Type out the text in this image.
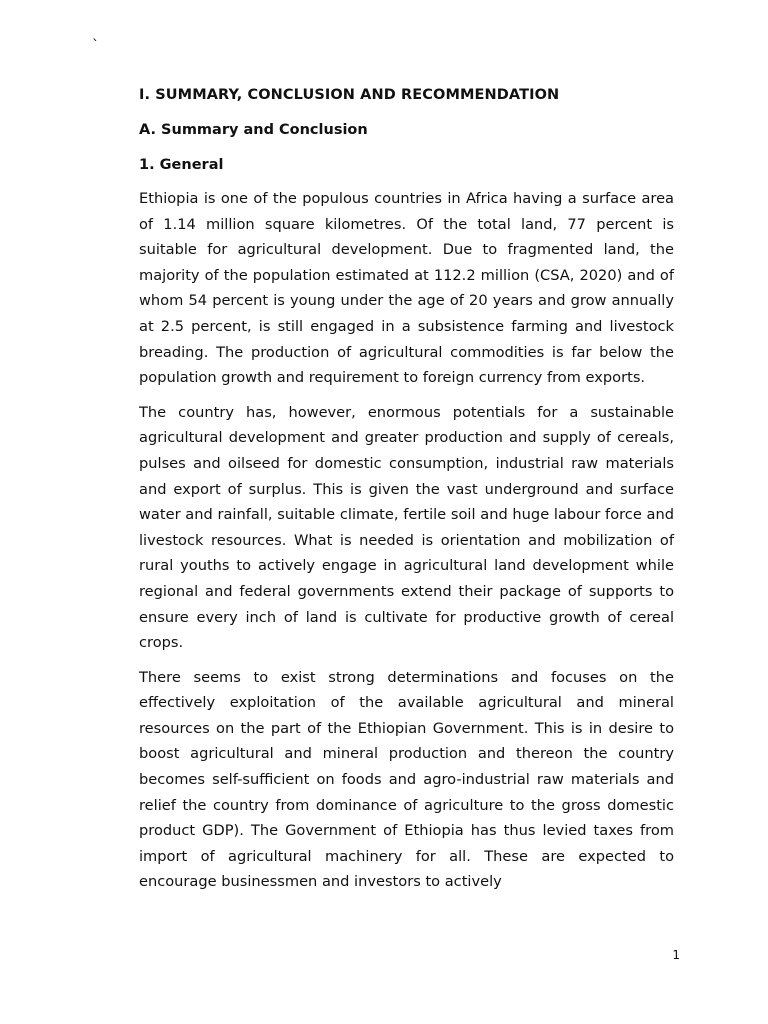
`
I. SUMMARY, CONCLUSION AND RECOMMENDATION
A. Summary and Conclusion
1. General

Ethiopia is one of the populous countries in Africa having a surface area of 1.14 million square kilometres. Of the total land, 77 percent is suitable for agricultural development. Due to fragmented land, the majority of the population estimated at 112.2 million (CSA, 2020) and of whom 54 percent is young under the age of 20 years and grow annually at 2.5 percent, is still engaged in a subsistence farming and livestock breading. The production of agricultural commodities is far below the population growth and requirement to foreign currency from exports.

The country has, however, enormous potentials for a sustainable agricultural development and greater production and supply of cereals, pulses and oilseed for domestic consumption, industrial raw materials and export of surplus. This is given the vast underground and surface water and rainfall, suitable climate, fertile soil and huge labour force and livestock resources. What is needed is orientation and mobilization of rural youths to actively engage in agricultural land development while regional and federal governments extend their package of supports to ensure every inch of land is cultivate for productive growth of cereal crops.

There seems to exist strong determinations and focuses on the effectively exploitation of the available agricultural and mineral resources on the part of the Ethiopian Government. This is in desire to boost agricultural and mineral production and thereon the country becomes self-sufficient on foods and agro-industrial raw materials and relief the country from dominance of agriculture to the gross domestic product GDP). The Government of Ethiopia has thus levied taxes from import of agricultural machinery for all. These are expected to encourage businessmen and investors to actively

1
